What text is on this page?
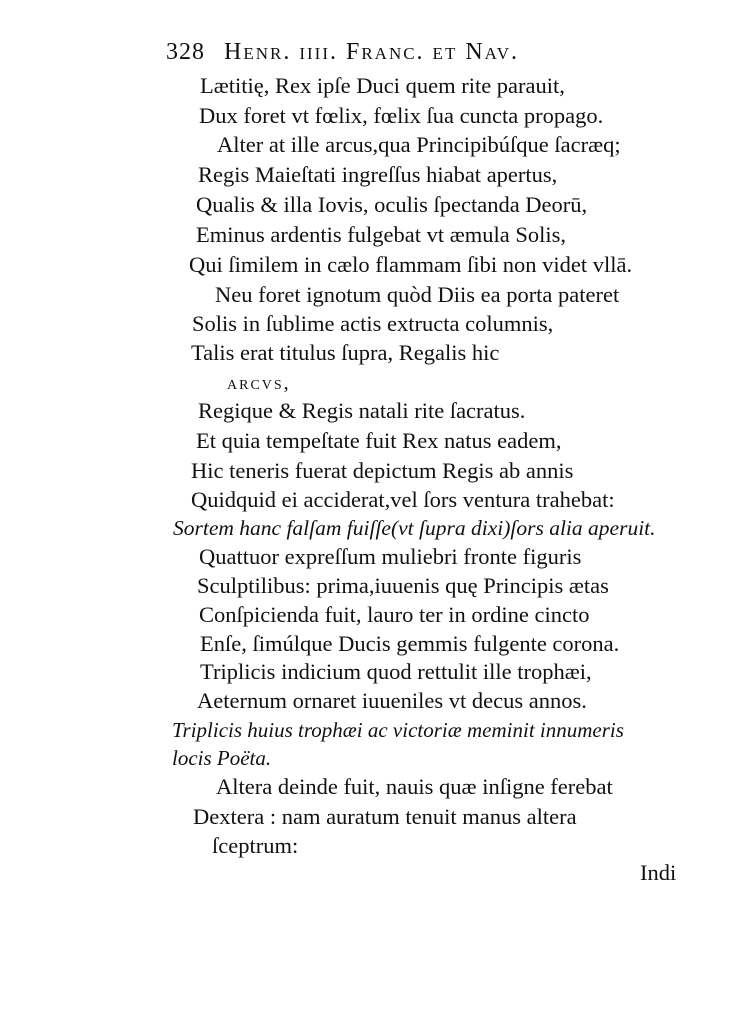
328 Henr. iiii. Franc. et Nav.
Lætitię, Rex ipſe Duci quem rite parauit,
Dux foret vt fœlix, fœlix ſua cuncta propago.
Alter at ille arcus,qua Principibúſque ſacræq;
Regis Maieſtati ingreſſus hiabat apertus,
Qualis & illa Iovis, oculis ſpectanda Deorū,
Eminus ardentis fulgebat vt æmula Solis,
Qui ſimilem in cælo flammam ſibi non videt vllā.
Neu foret ignotum quòd Diis ea porta pateret
Solis in ſublime actis extructa columnis,
Talis erat titulus ſupra, Regalis hic
arcvs,
Regique & Regis natali rite ſacratus.
Et quia tempeſtate fuit Rex natus eadem,
Hic teneris fuerat depictum Regis ab annis
Quidquid ei acciderat,vel ſors ventura trahebat:
Sortem hanc falſam fuiſſe(vt ſupra dixi)ſors alia aperuit.
Quattuor expreſſum muliebri fronte figuris
Sculptilibus: prima,iuuenis quę Principis ætas
Conſpicienda fuit, lauro ter in ordine cincto
Enſe, ſimúlque Ducis gemmis fulgente corona.
Triplicis indicium quod rettulit ille trophæi,
Aeternum ornaret iuueniles vt decus annos.
Triplicis huius trophæi ac victoriæ meminit innumeris
locis Poëta.
Altera deinde fuit, nauis quæ inſigne ferebat
Dextera : nam auratum tenuit manus altera
ſceptrum:
Indi
